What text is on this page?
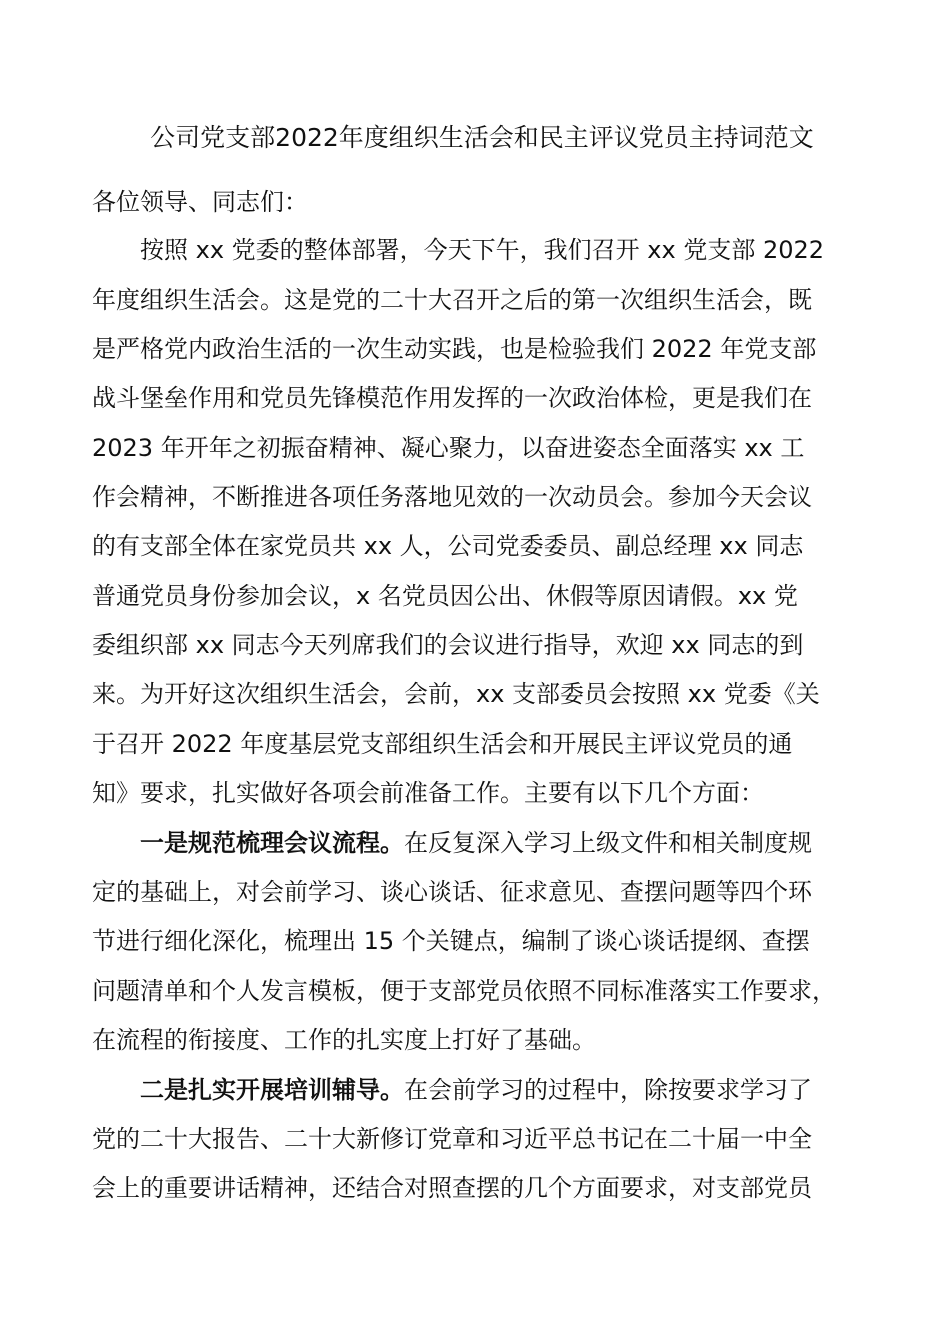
公司党支部2022年度组织生活会和民主评议党员主持词范文
各位领导、同志们：
按照 xx 党委的整体部署，今天下午，我们召开 xx 党支部 2022
年度组织生活会。这是党的二十大召开之后的第一次组织生活会，既
是严格党内政治生活的一次生动实践，也是检验我们 2022 年党支部
战斗堡垒作用和党员先锋模范作用发挥的一次政治体检，更是我们在
2023 年开年之初振奋精神、凝心聚力，以奋进姿态全面落实 xx 工
作会精神，不断推进各项任务落地见效的一次动员会。参加今天会议
的有支部全体在家党员共 xx 人，公司党委委员、副总经理 xx 同志
普通党员身份参加会议，x 名党员因公出、休假等原因请假。xx 党
委组织部 xx 同志今天列席我们的会议进行指导，欢迎 xx 同志的到
来。为开好这次组织生活会，会前，xx 支部委员会按照 xx 党委《关
于召开 2022 年度基层党支部组织生活会和开展民主评议党员的通
知》要求，扎实做好各项会前准备工作。主要有以下几个方面：
一是规范梳理会议流程。在反复深入学习上级文件和相关制度规
定的基础上，对会前学习、谈心谈话、征求意见、查摆问题等四个环
节进行细化深化，梳理出 15 个关键点，编制了谈心谈话提纲、查摆
问题清单和个人发言模板，便于支部党员依照不同标准落实工作要求，
在流程的衔接度、工作的扎实度上打好了基础。
二是扎实开展培训辅导。在会前学习的过程中，除按要求学习了
党的二十大报告、二十大新修订党章和习近平总书记在二十届一中全
会上的重要讲话精神，还结合对照查摆的几个方面要求，对支部党员
